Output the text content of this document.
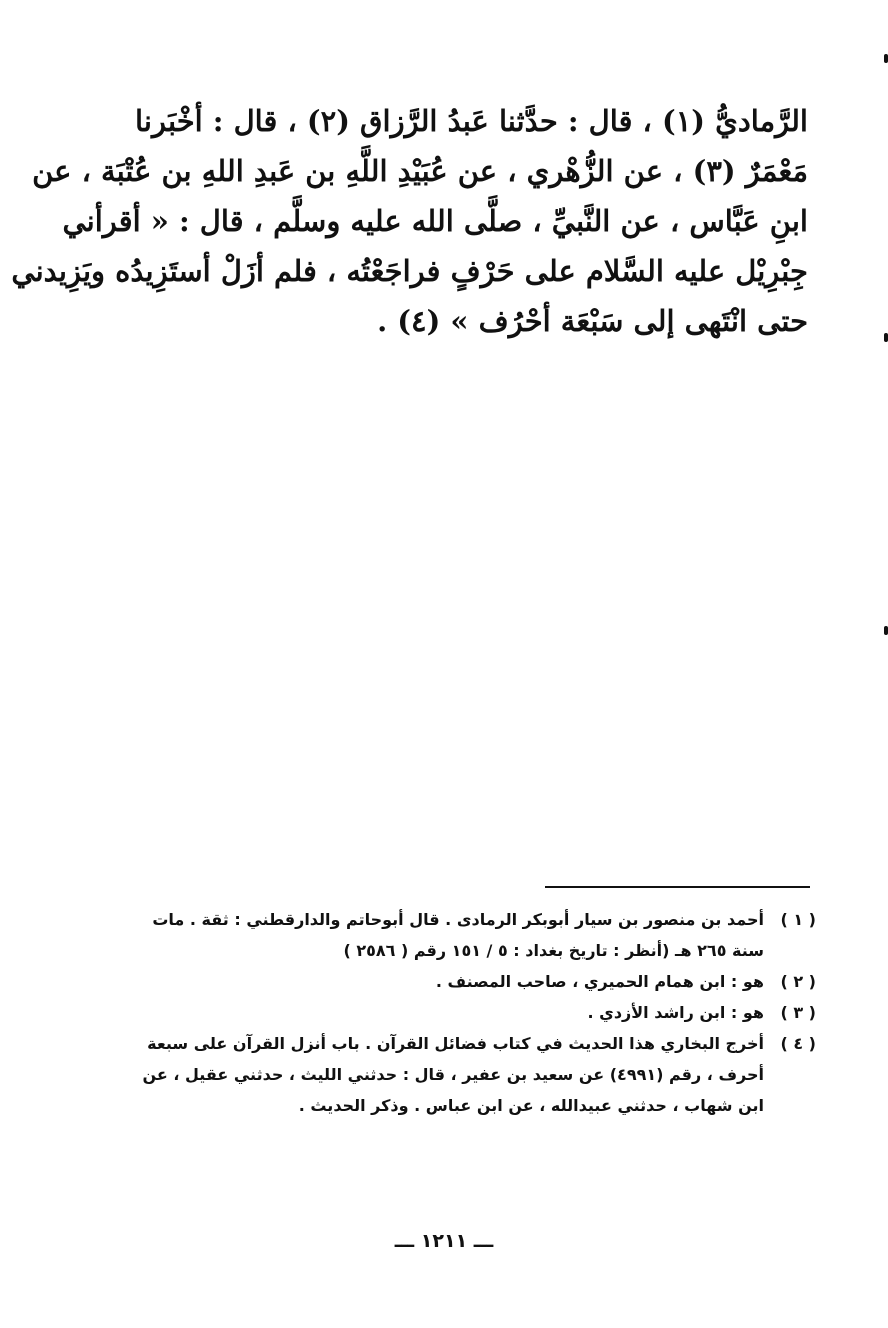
الرَّماديُّ (١) ، قال : حدَّثنا عَبدُ الرَّزاق (٢) ، قال : أخْبَرنا
مَعْمَرٌ (٣) ، عن الزُّهْري ، عن عُبَيْدِ اللَّهِ بن عَبدِ اللهِ بن عُتْبَة ، عن
ابنِ عَبَّاس ، عن النَّبيِّ ، صلَّى الله عليه وسلَّم ، قال : « أقرأني
جِبْرِيْل عليه السَّلام على حَرْفٍ فراجَعْتُه ، فلم أزَلْ أستَزِيدُه ويَزِيدني
حتى انْتَهى إلى سَبْعَة أحْرُف » (٤) .
( ١ )
أحمد بن منصور بن سيار أبوبكر الرمادى . قال أبوحاتم والدارقطني : ثقة . مات
سنة ٢٦٥ هـ (أنظر : تاريخ بغداد : ٥ / ١٥١ رقم ( ٢٥٨٦ )
( ٢ )
هو : ابن همام الحميري ، صاحب المصنف .
( ٣ )
هو : ابن راشد الأزدي .
( ٤ )
أخرج البخاري هذا الحديث في كتاب فضائل القرآن . باب أنزل القرآن على سبعة
أحرف ، رقم (٤٩٩١) عن سعيد بن عفير ، قال : حدثني الليث ، حدثني عقيل ، عن
ابن شهاب ، حدثني عبيدالله ، عن ابن عباس . وذكر الحديث .
ـــ ١٢١١ ـــ
